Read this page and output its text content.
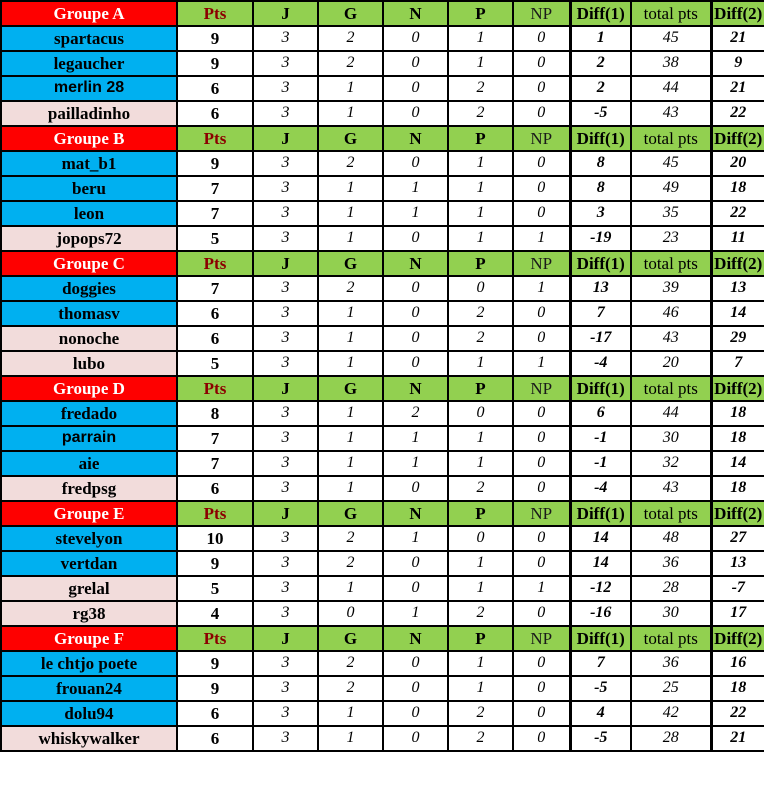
Groupe A	Pts	J	G	N	P	NP	Diff(1)	total pts	Diff(2)
spartacus	9	3	2	0	1	0	1	45	21
legaucher	9	3	2	0	1	0	2	38	9
merlin 28	6	3	1	0	2	0	2	44	21
pailladinho	6	3	1	0	2	0	-5	43	22
Groupe B	Pts	J	G	N	P	NP	Diff(1)	total pts	Diff(2)
mat_b1	9	3	2	0	1	0	8	45	20
beru	7	3	1	1	1	0	8	49	18
leon	7	3	1	1	1	0	3	35	22
jopops72	5	3	1	0	1	1	-19	23	11
Groupe C	Pts	J	G	N	P	NP	Diff(1)	total pts	Diff(2)
doggies	7	3	2	0	0	1	13	39	13
thomasv	6	3	1	0	2	0	7	46	14
nonoche	6	3	1	0	2	0	-17	43	29
lubo	5	3	1	0	1	1	-4	20	7
Groupe D	Pts	J	G	N	P	NP	Diff(1)	total pts	Diff(2)
fredado	8	3	1	2	0	0	6	44	18
parrain	7	3	1	1	1	0	-1	30	18
aie	7	3	1	1	1	0	-1	32	14
fredpsg	6	3	1	0	2	0	-4	43	18
Groupe E	Pts	J	G	N	P	NP	Diff(1)	total pts	Diff(2)
stevelyon	10	3	2	1	0	0	14	48	27
vertdan	9	3	2	0	1	0	14	36	13
grelal	5	3	1	0	1	1	-12	28	-7
rg38	4	3	0	1	2	0	-16	30	17
Groupe F	Pts	J	G	N	P	NP	Diff(1)	total pts	Diff(2)
le chtjo poete	9	3	2	0	1	0	7	36	16
frouan24	9	3	2	0	1	0	-5	25	18
dolu94	6	3	1	0	2	0	4	42	22
whiskywalker	6	3	1	0	2	0	-5	28	21
